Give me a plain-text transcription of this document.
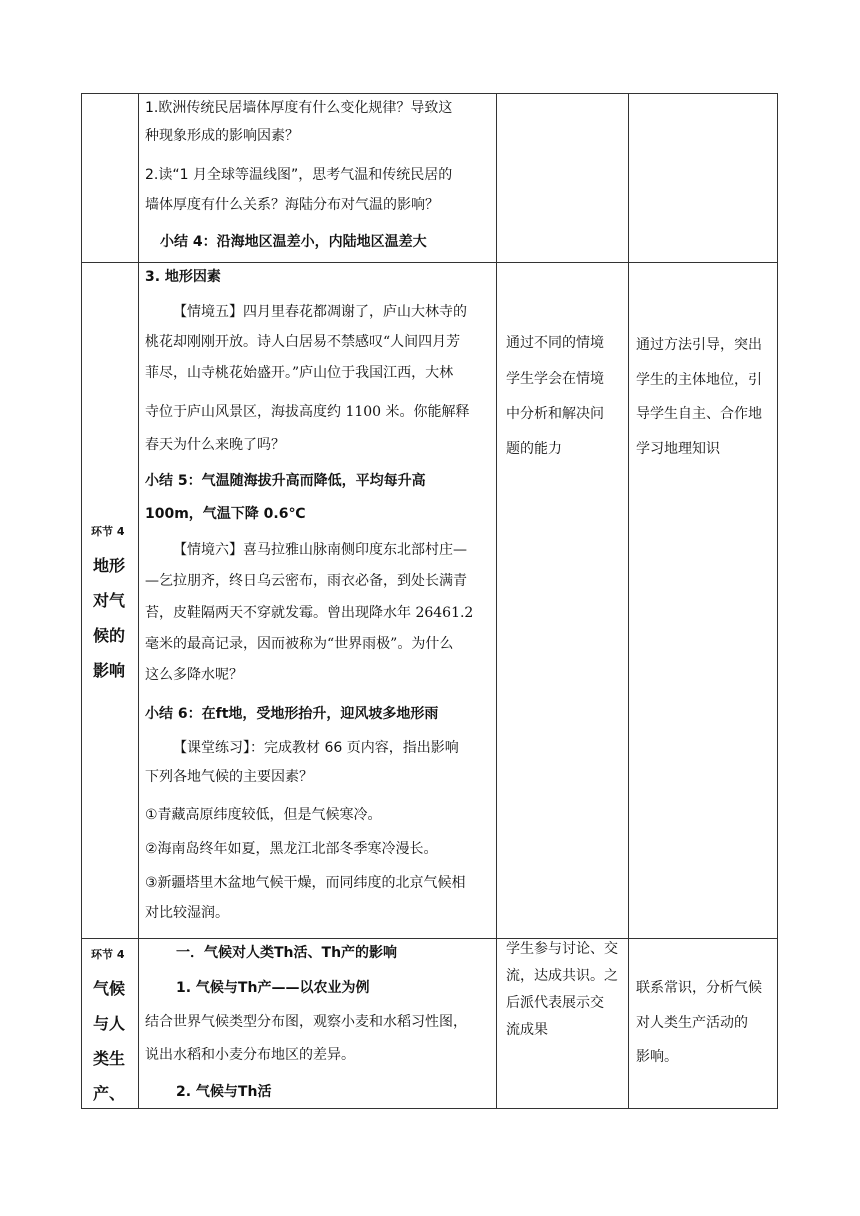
1.欧洲传统民居墙体厚度有什么变化规律？导致这
种现象形成的影响因素？
2.读“1 月全球等温线图”，思考气温和传统民居的
墙体厚度有什么关系？海陆分布对气温的影响？
小结 4：沿海地区温差小，内陆地区温差大
环节 4
地形
对气
候的
影响
3. 地形因素
【情境五】四月里春花都凋谢了，庐山大林寺的
桃花却刚刚开放。诗人白居易不禁感叹“人间四月芳
菲尽，山寺桃花始盛开。”庐山位于我国江西，大林
寺位于庐山风景区，海拔高度约 1100 米。你能解释
春天为什么来晚了吗？
小结 5：气温随海拔升高而降低，平均每升高
100m，气温下降 0.6℃
【情境六】喜马拉雅山脉南侧印度东北部村庄—
—乞拉朋齐，终日乌云密布，雨衣必备，到处长满青
苔，皮鞋隔两天不穿就发霉。曾出现降水年 26461.2
毫米的最高记录，因而被称为“世界雨极”。为什么
这么多降水呢？
小结 6：在ft地，受地形抬升，迎风坡多地形雨
【课堂练习】：完成教材 66 页内容，指出影响
下列各地气候的主要因素？
①青藏高原纬度较低，但是气候寒冷。
②海南岛终年如夏，黑龙江北部冬季寒冷漫长。
③新疆塔里木盆地气候干燥，而同纬度的北京气候相
对比较湿润。
通过不同的情境
学生学会在情境
中分析和解决问
题的能力
通过方法引导，突出
学生的主体地位，引
导学生自主、合作地
学习地理知识
环节 4
气候
与人
类生
产、
一．气候对人类Th活、Th产的影响
1. 气候与Th产——以农业为例
结合世界气候类型分布图，观察小麦和水稻习性图，
说出水稻和小麦分布地区的差异。
2. 气候与Th活
学生参与讨论、交
流，达成共识。之
后派代表展示交
流成果
联系常识，分析气候
对人类生产活动的
影响。
